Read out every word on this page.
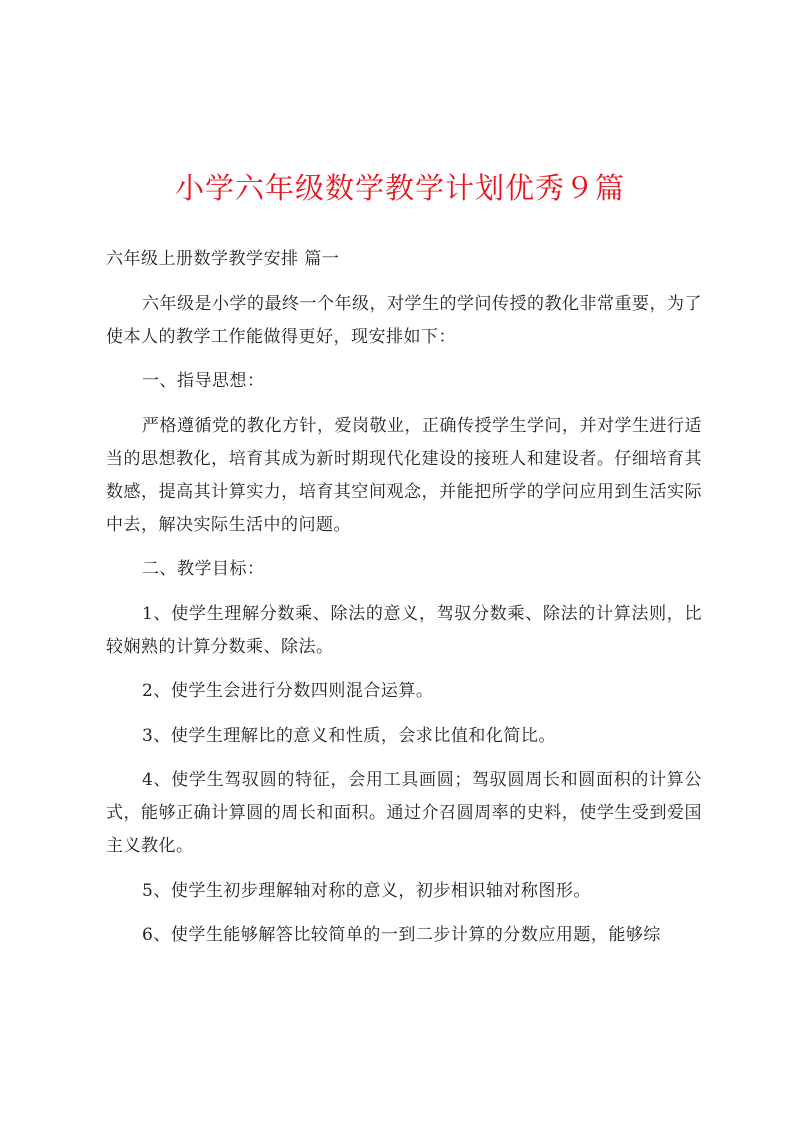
小学六年级数学教学计划优秀９篇

六年级上册数学教学安排 篇一

六年级是小学的最终一个年级，对学生的学问传授的教化非常重要，为了使本人的教学工作能做得更好，现安排如下：

一、指导思想：

严格遵循党的教化方针，爱岗敬业，正确传授学生学问，并对学生进行适当的思想教化，培育其成为新时期现代化建设的接班人和建设者。仔细培育其数感，提高其计算实力，培育其空间观念，并能把所学的学问应用到生活实际中去，解决实际生活中的问题。

二、教学目标：

1、使学生理解分数乘、除法的意义，驾驭分数乘、除法的计算法则，比较娴熟的计算分数乘、除法。

2、使学生会进行分数四则混合运算。

3、使学生理解比的意义和性质，会求比值和化简比。

4、使学生驾驭圆的特征，会用工具画圆；驾驭圆周长和圆面积的计算公式，能够正确计算圆的周长和面积。通过介召圆周率的史料，使学生受到爱国主义教化。

5、使学生初步理解轴对称的意义，初步相识轴对称图形。

6、使学生能够解答比较简单的一到二步计算的分数应用题，能够综
